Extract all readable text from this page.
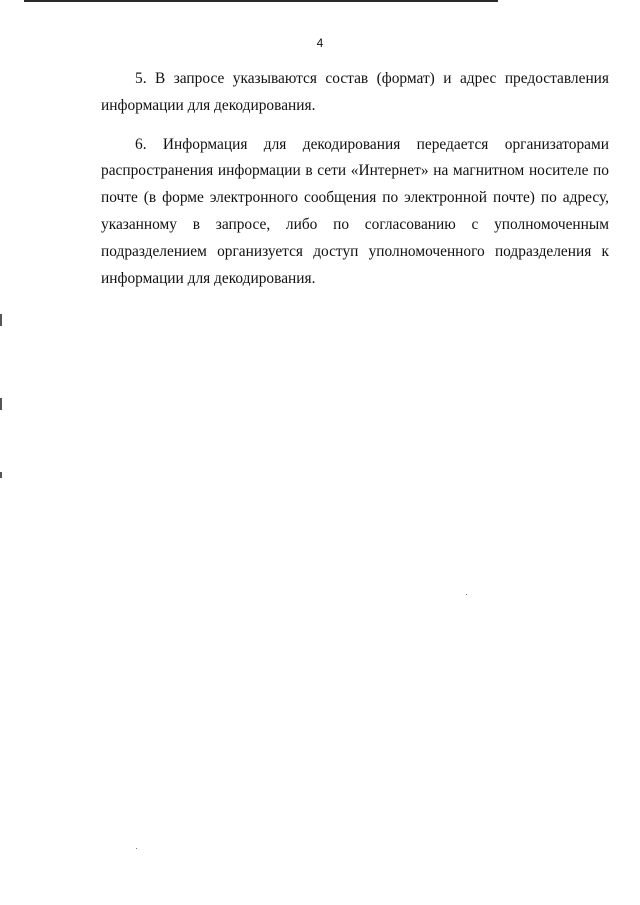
4

5. В запросе указываются состав (формат) и адрес предоставления информации для декодирования.

6. Информация для декодирования передается организаторами распространения информации в сети «Интернет» на магнитном носителе по почте (в форме электронного сообщения по электронной почте) по адресу, указанному в запросе, либо по согласованию с уполномоченным подразделением организуется доступ уполномоченного подразделения к информации для декодирования.
